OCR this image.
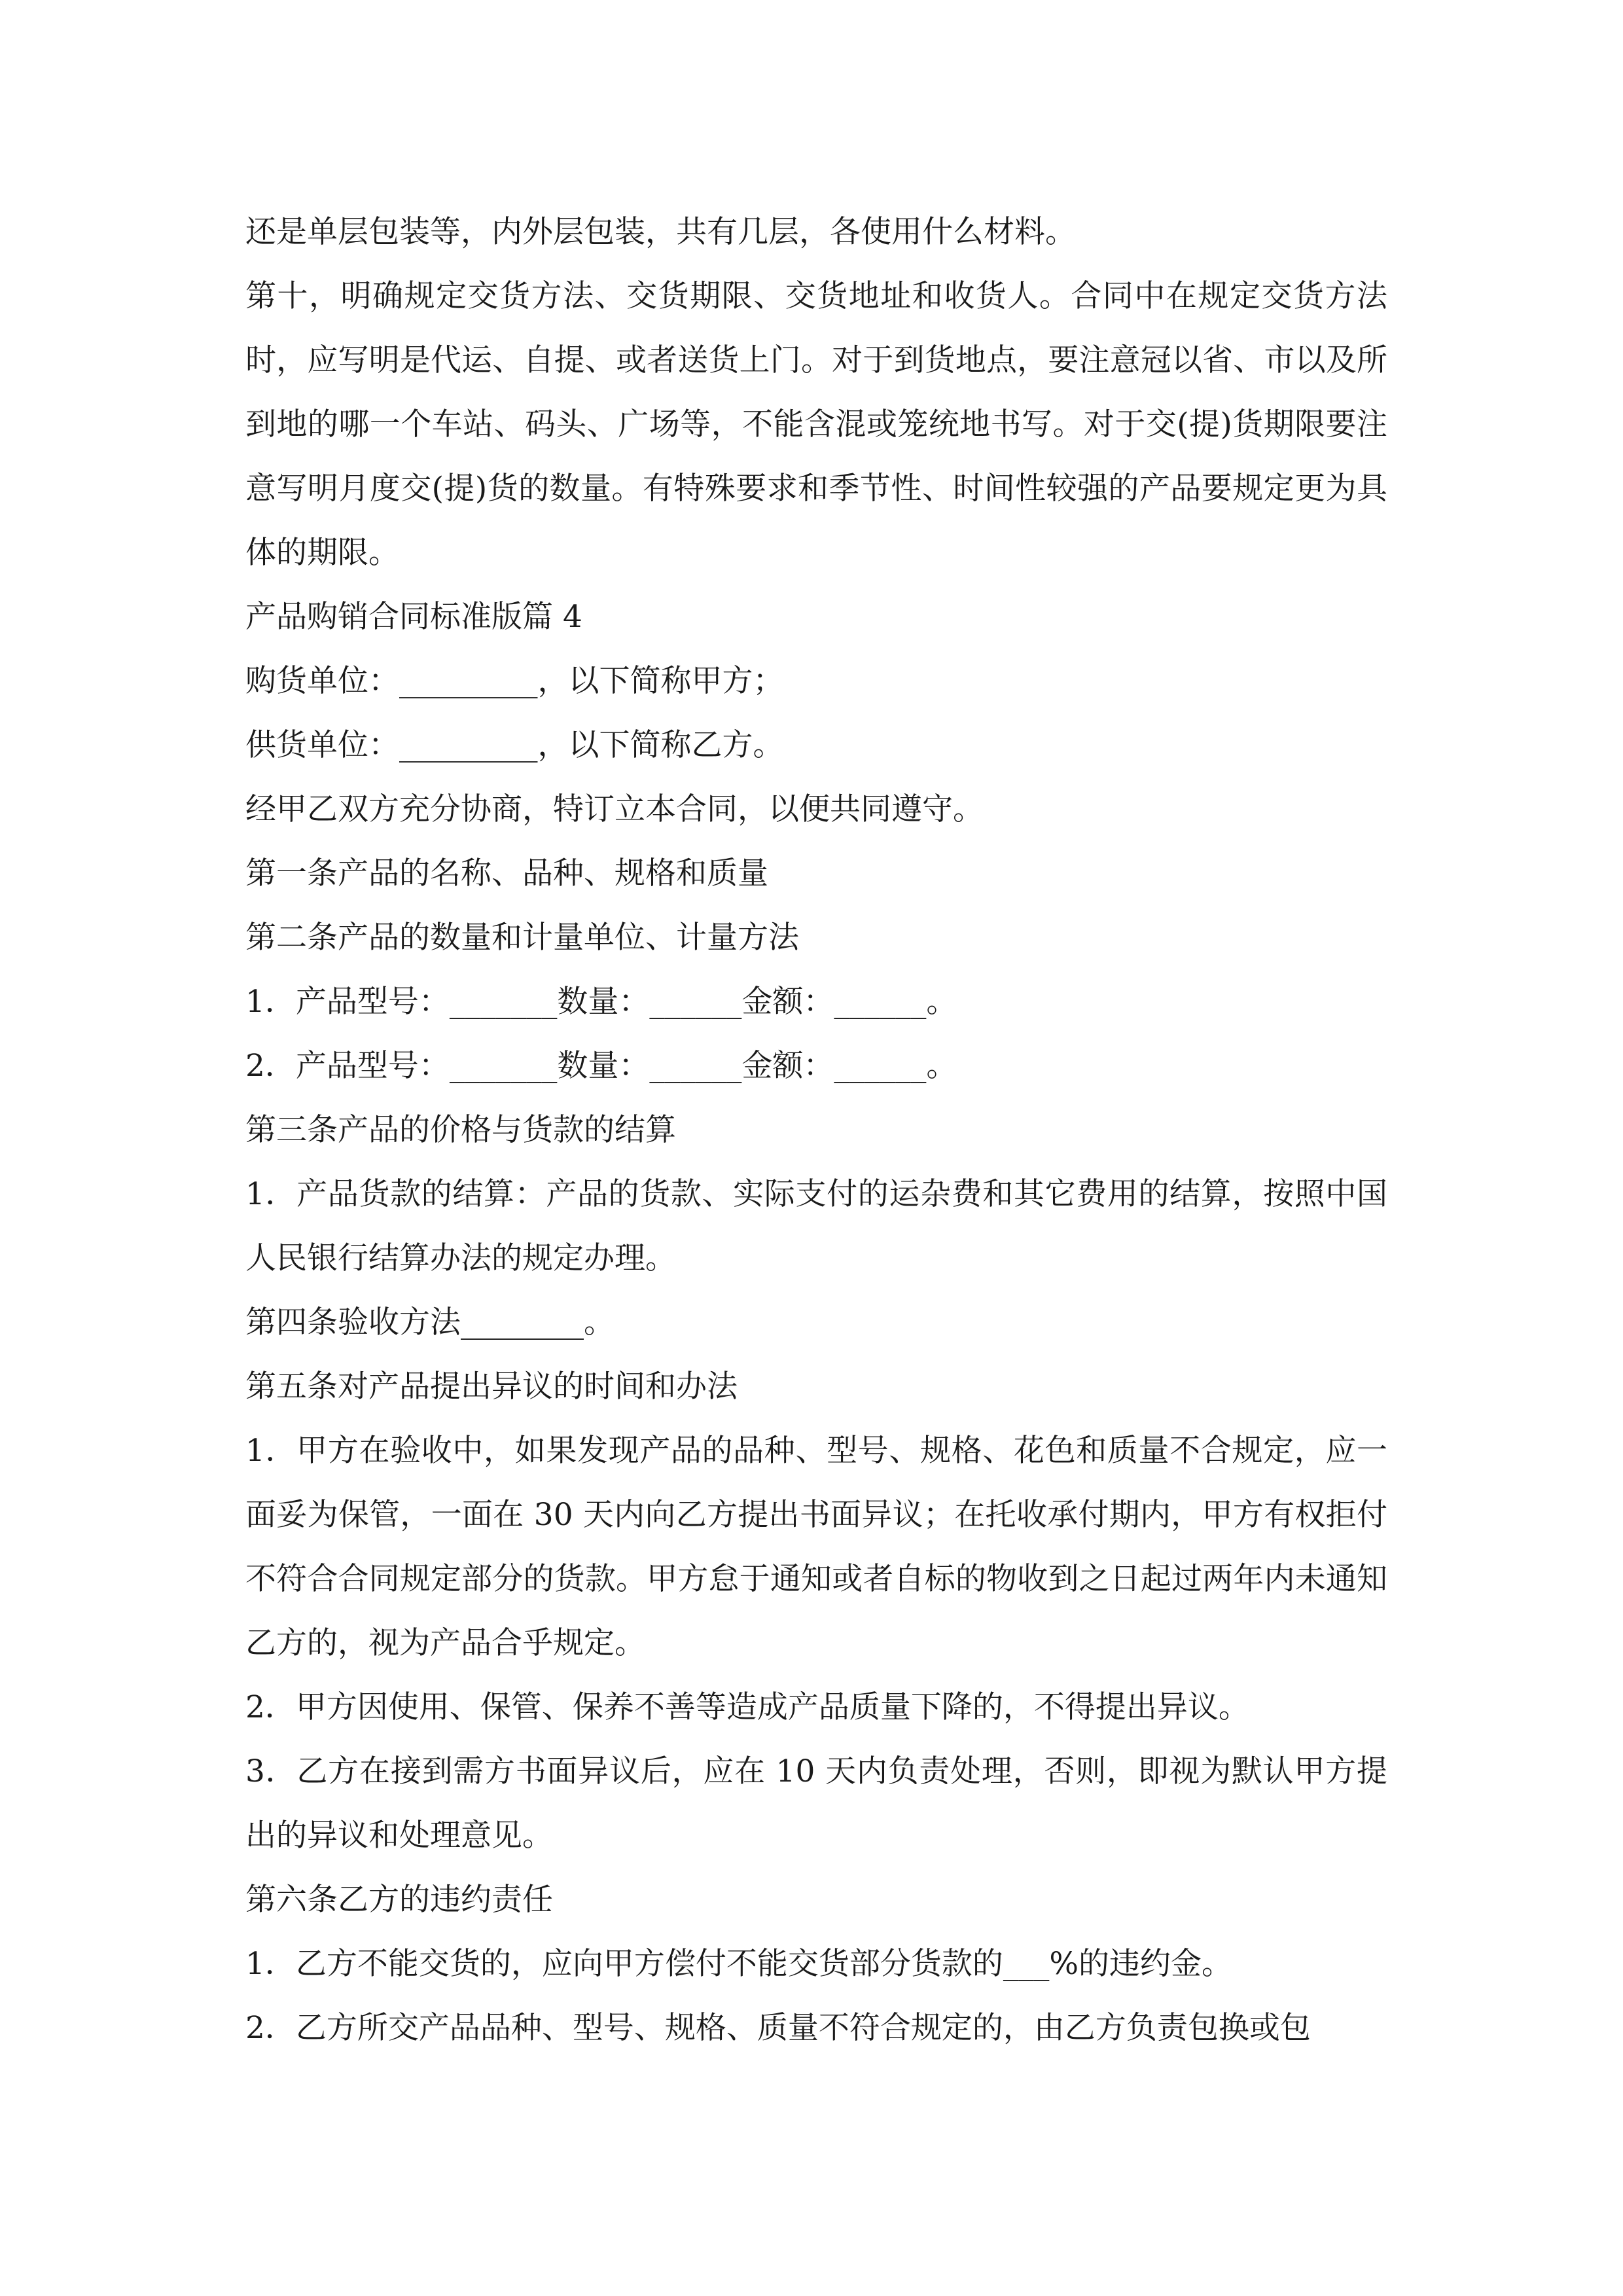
还是单层包装等，内外层包装，共有几层，各使用什么材料。

第十，明确规定交货方法、交货期限、交货地址和收货人。合同中在规定交货方法时，应写明是代运、自提、或者送货上门。对于到货地点，要注意冠以省、市以及所到地的哪一个车站、码头、广场等，不能含混或笼统地书写。对于交(提)货期限要注意写明月度交(提)货的数量。有特殊要求和季节性、时间性较强的产品要规定更为具体的期限。

产品购销合同标准版篇 4

购货单位：_________，以下简称甲方；

供货单位：_________，以下简称乙方。

经甲乙双方充分协商，特订立本合同，以便共同遵守。

第一条产品的名称、品种、规格和质量

第二条产品的数量和计量单位、计量方法

1．产品型号：_______数量：______金额：______。

2．产品型号：_______数量：______金额：______。

第三条产品的价格与货款的结算

1．产品货款的结算：产品的货款、实际支付的运杂费和其它费用的结算，按照中国人民银行结算办法的规定办理。

第四条验收方法________。

第五条对产品提出异议的时间和办法

1．甲方在验收中，如果发现产品的品种、型号、规格、花色和质量不合规定，应一面妥为保管，一面在 30 天内向乙方提出书面异议；在托收承付期内，甲方有权拒付不符合合同规定部分的货款。甲方怠于通知或者自标的物收到之日起过两年内未通知乙方的，视为产品合乎规定。

2．甲方因使用、保管、保养不善等造成产品质量下降的，不得提出异议。

3．乙方在接到需方书面异议后，应在 10 天内负责处理，否则，即视为默认甲方提出的异议和处理意见。

第六条乙方的违约责任

1．乙方不能交货的，应向甲方偿付不能交货部分货款的___%的违约金。

2．乙方所交产品品种、型号、规格、质量不符合规定的，由乙方负责包换或包
